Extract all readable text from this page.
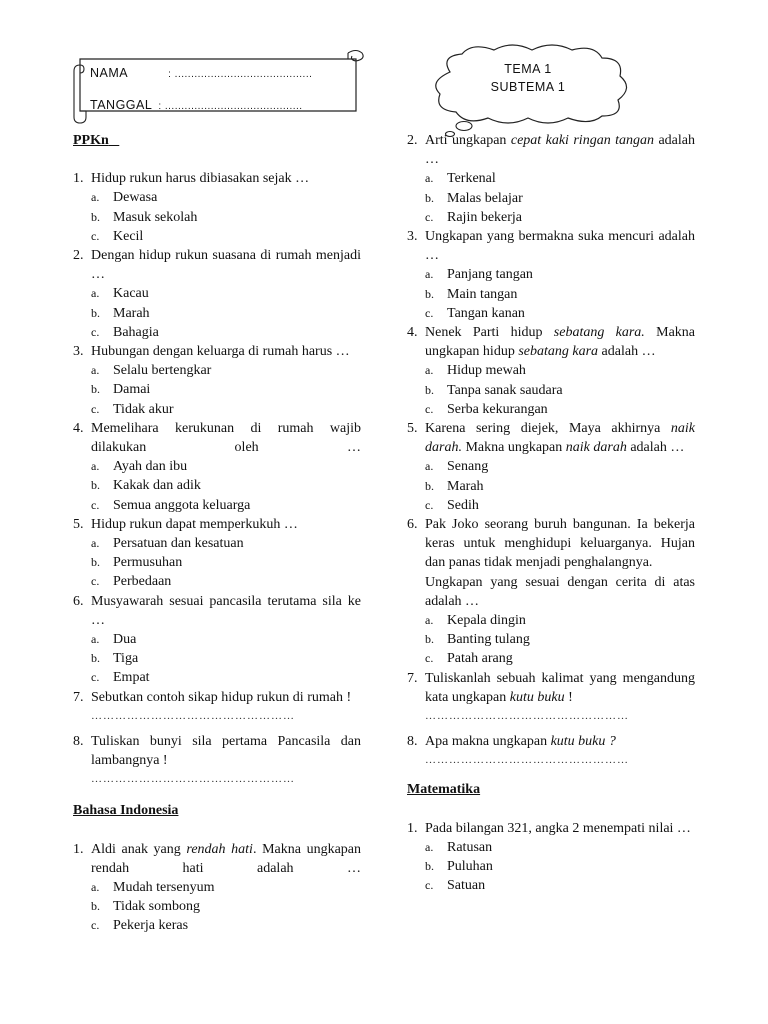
NAMA	: ..........................................
TANGGAL : ..........................................
TEMA 1
SUBTEMA 1
PPKn
1. Hidup rukun harus dibiasakan sejak …
a. Dewasa
b. Masuk sekolah
c. Kecil
2. Dengan hidup rukun suasana di rumah menjadi …
a. Kacau
b. Marah
c. Bahagia
3. Hubungan dengan keluarga di rumah harus …
a. Selalu bertengkar
b. Damai
c. Tidak akur
4. Memelihara kerukunan di rumah wajib dilakukan oleh …
a. Ayah dan ibu
b. Kakak dan adik
c. Semua anggota keluarga
5. Hidup rukun dapat memperkukuh …
a. Persatuan dan kesatuan
b. Permusuhan
c. Perbedaan
6. Musyawarah sesuai pancasila terutama sila ke …
a. Dua
b. Tiga
c. Empat
7. Sebutkan contoh sikap hidup rukun di rumah !
……………………………………………
8. Tuliskan bunyi sila pertama Pancasila dan lambangnya !
……………………………………………
Bahasa Indonesia
1. Aldi anak yang rendah hati. Makna ungkapan rendah hati adalah …
a. Mudah tersenyum
b. Tidak sombong
c. Pekerja keras
2. Arti ungkapan cepat kaki ringan tangan adalah …
a. Terkenal
b. Malas belajar
c. Rajin bekerja
3. Ungkapan yang bermakna suka mencuri adalah …
a. Panjang tangan
b. Main tangan
c. Tangan kanan
4. Nenek Parti hidup sebatang kara. Makna ungkapan hidup sebatang kara adalah …
a. Hidup mewah
b. Tanpa sanak saudara
c. Serba kekurangan
5. Karena sering diejek, Maya akhirnya naik darah. Makna ungkapan naik darah adalah …
a. Senang
b. Marah
c. Sedih
6. Pak Joko seorang buruh bangunan. Ia bekerja keras untuk menghidupi keluarganya. Hujan dan panas tidak menjadi penghalangnya.
Ungkapan yang sesuai dengan cerita di atas adalah …
a. Kepala dingin
b. Banting tulang
c. Patah arang
7. Tuliskanlah sebuah kalimat yang mengandung kata ungkapan kutu buku !
……………………………………………
8. Apa makna ungkapan kutu buku ?
……………………………………………
Matematika
1. Pada bilangan 321, angka 2 menempati nilai …
a. Ratusan
b. Puluhan
c. Satuan
